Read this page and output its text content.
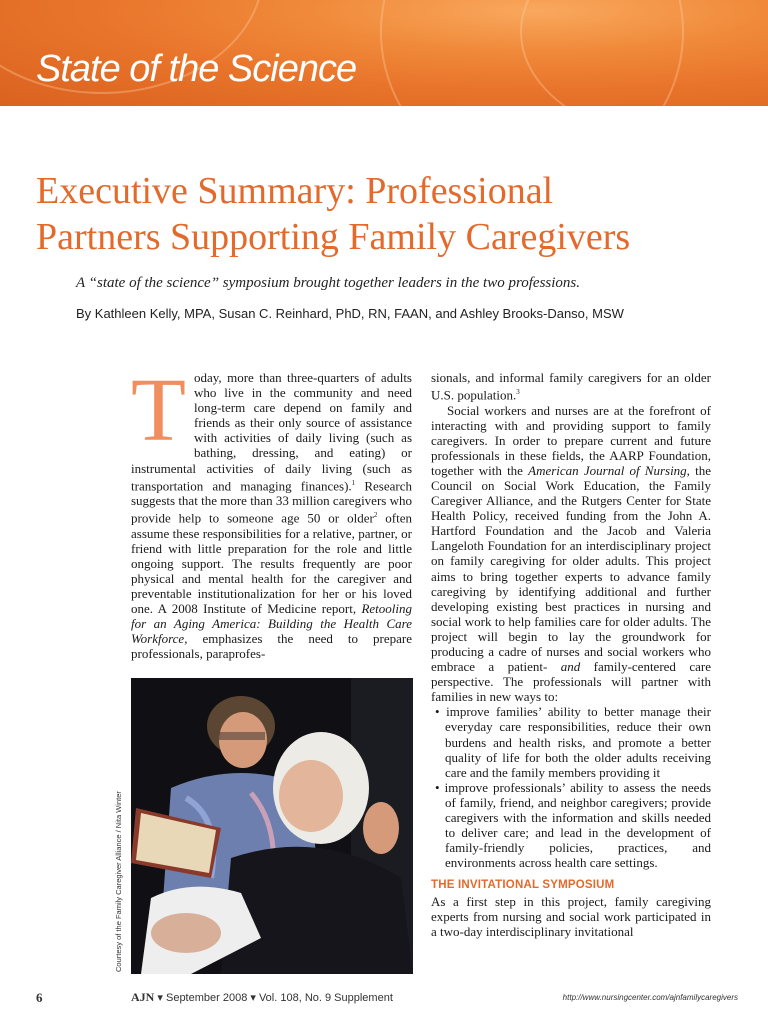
State of the Science
Executive Summary: Professional
Partners Supporting Family Caregivers
A “state of the science” symposium brought together leaders in the two professions.
By Kathleen Kelly, MPA, Susan C. Reinhard, PhD, RN, FAAN, and Ashley Brooks-Danso, MSW

Today, more than three-quarters of adults who live in the community and need long-term care depend on family and friends as their only source of assistance with activities of daily living (such as bathing, dressing, and eating) or instrumental activities of daily living (such as transportation and managing finances).$^1$ Research suggests that the more than 33 million caregivers who provide help to someone age 50 or older$^2$ often assume these responsibilities for a relative, partner, or friend with little preparation for the role and little ongoing support. The results frequently are poor physical and mental health for the caregiver and preventable institutionalization for her or his loved one. A 2008 Institute of Medicine report, Retooling for an Aging America: Building the Health Care Workforce, emphasizes the need to prepare professionals, paraprofes-

Courtesy of the Family Caregiver Alliance / Nita Winter

sionals, and informal family caregivers for an older U.S. population.$^3$

Social workers and nurses are at the forefront of interacting with and providing support to family caregivers. In order to prepare current and future professionals in these fields, the AARP Foundation, together with the American Journal of Nursing, the Council on Social Work Education, the Family Caregiver Alliance, and the Rutgers Center for State Health Policy, received funding from the John A. Hartford Foundation and the Jacob and Valeria Langeloth Foundation for an interdisciplinary project on family caregiving for older adults. This project aims to bring together experts to advance family caregiving by identifying additional and further developing existing best practices in nursing and social work to help families care for older adults. The project will begin to lay the groundwork for producing a cadre of nurses and social workers who embrace a patient- and family-centered care perspective. The professionals will partner with families in new ways to:

• improve families’ ability to better manage their everyday care responsibilities, reduce their own burdens and health risks, and promote a better quality of life for both the older adults receiving care and the family members providing it

• improve professionals’ ability to assess the needs of family, friend, and neighbor caregivers; provide caregivers with the information and skills needed to deliver care; and lead in the development of family-friendly policies, practices, and environments across health care settings.

THE INVITATIONAL SYMPOSIUM

As a first step in this project, family caregiving experts from nursing and social work participated in a two-day interdisciplinary invitational

6	AJN ▾ September 2008 ▾ Vol. 108, No. 9 Supplement	http://www.nursingcenter.com/ajnfamilycaregivers
